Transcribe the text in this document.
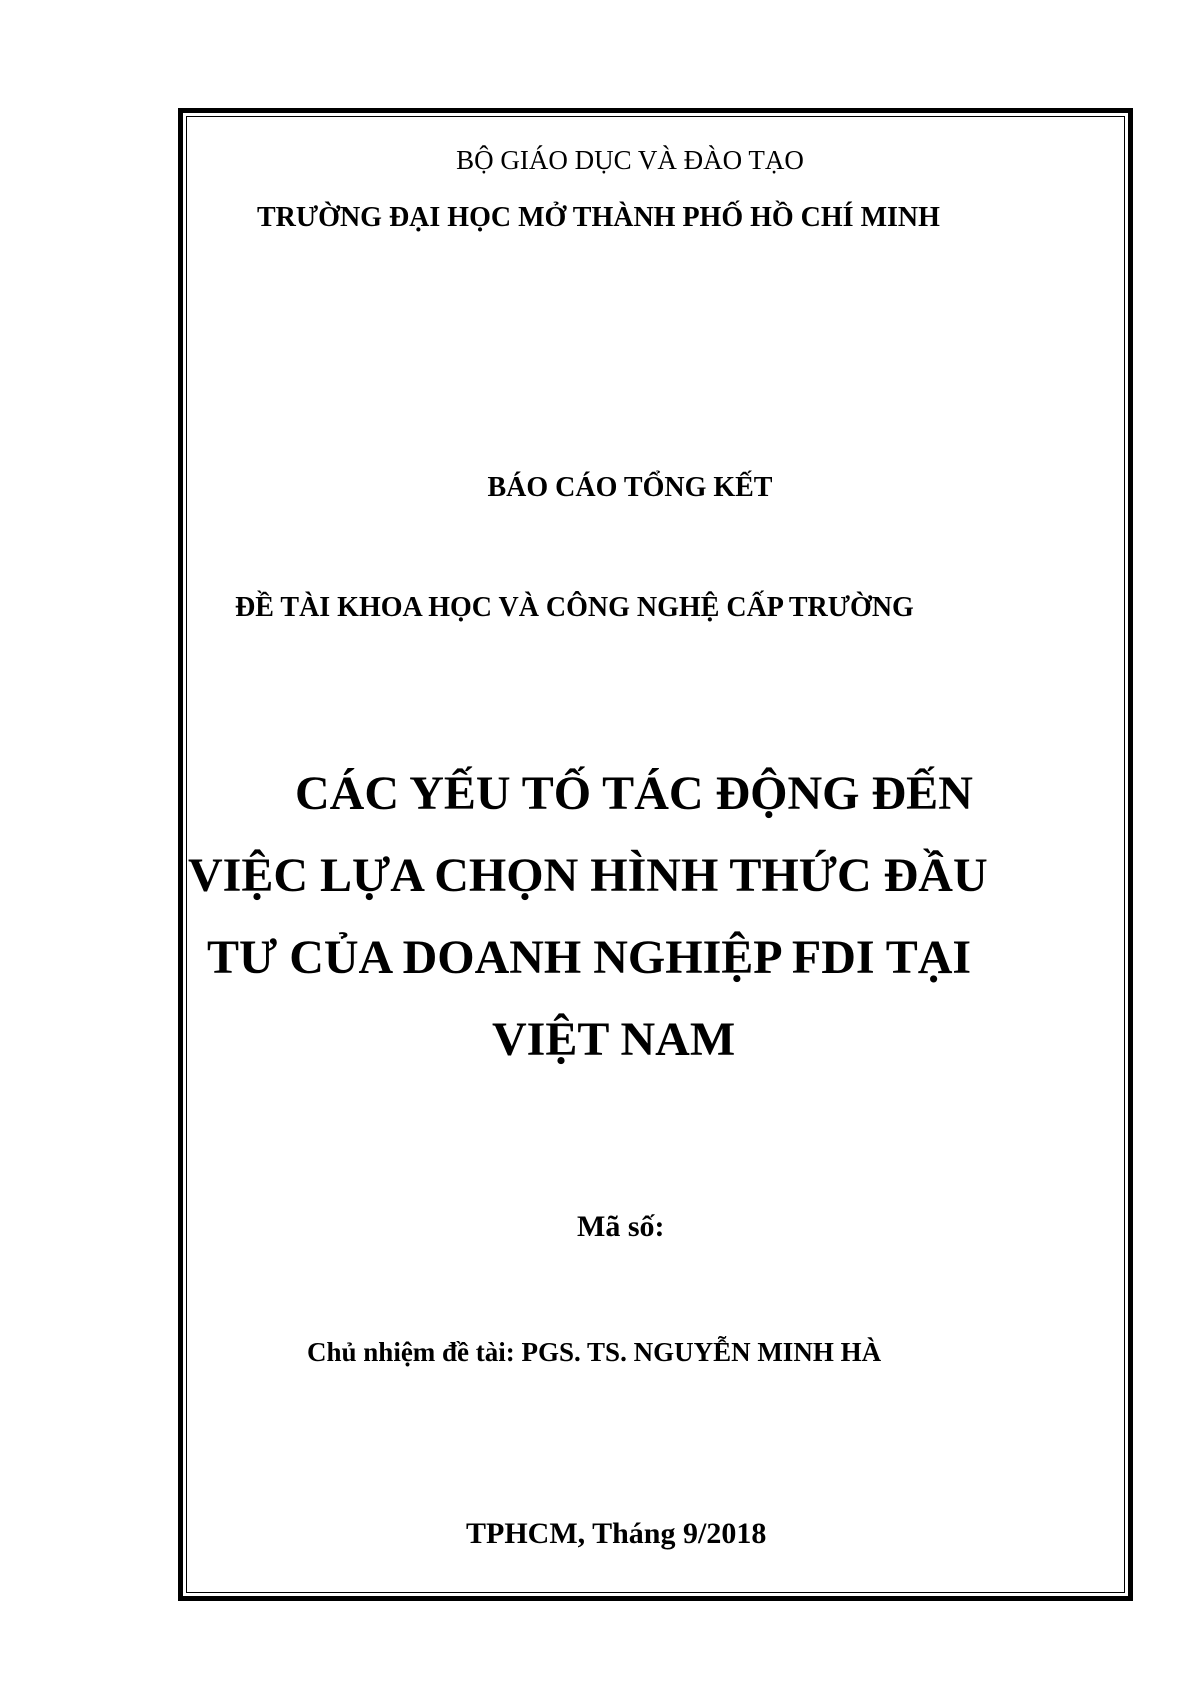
BỘ GIÁO DỤC VÀ ĐÀO TẠO

TRƯỜNG ĐẠI HỌC MỞ THÀNH PHỐ HỒ CHÍ MINH

BÁO CÁO TỔNG KẾT

ĐỀ TÀI KHOA HỌC VÀ CÔNG NGHỆ CẤP TRƯỜNG

CÁC YẾU TỐ TÁC ĐỘNG ĐẾN

VIỆC LỰA CHỌN HÌNH THỨC ĐẦU

TƯ CỦA DOANH NGHIỆP FDI TẠI

VIỆT NAM

Mã số:

Chủ nhiệm đề tài: PGS. TS. NGUYỄN MINH HÀ

TPHCM, Tháng 9/2018
